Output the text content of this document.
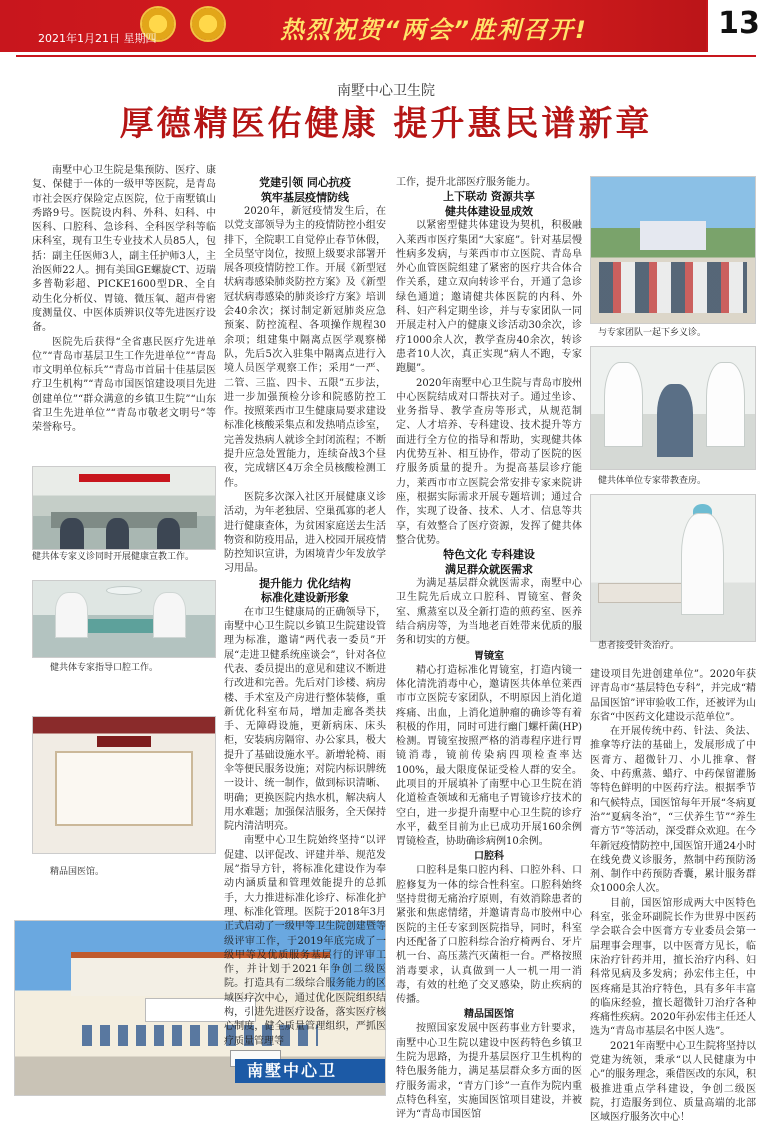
2021年1月21日 星期四	热烈祝贺“两会”胜利召开!	13
南墅中心卫生院
厚德精医佑健康 提升惠民谱新章

南墅中心卫生院是集预防、医疗、康复、保健于一体的一级甲等医院，是青岛市社会医疗保险定点医院，位于南墅镇山秀路9号。医院设内科、外科、妇科、中医科、口腔科、急诊科、全科医学科等临床科室，现有卫生专业技术人员85人，包括：副主任医师3人，副主任护师3人，主治医师22人。拥有美国GE螺旋CT、迈瑞多普勒彩超、PICKE1600型DR、全自动生化分析仪、胃镜、微压氧、超声骨密度测量仪、中医体质辨识仪等先进医疗设备。

医院先后获得“全省惠民医疗先进单位”“青岛市基层卫生工作先进单位”“青岛市文明单位标兵”“青岛市首届十佳基层医疗卫生机构”“青岛市国医馆建设项目先进创建单位”“群众满意的乡镇卫生院”“山东省卫生先进单位”“青岛市敬老文明号”等荣誉称号。

健共体专家义诊同时开展健康宣教工作。
健共体专家指导口腔工作。
精品国医馆。
南墅中心卫
党建引领 同心抗疫
筑牢基层疫情防线

2020年，新冠疫情发生后，在以党支部领导为主的疫情防控小组安排下，全院职工自觉停止春节休假，全员坚守岗位，按照上级要求部署开展各项疫情防控工作。开展《新型冠状病毒感染肺炎防控方案》及《新型冠状病毒感染的肺炎诊疗方案》培训会40余次；探讨制定新冠肺炎应急预案、防控流程、各项操作规程30余项；组建集中隔离点医学观察梯队，先后5次入驻集中隔离点进行入境人员医学观察工作；采用“一严、二管、三监、四卡、五限”五步法，进一步加强预检分诊和院感防控工作。按照莱西市卫生健康局要求建设标准化核酸采集点和发热哨点诊室，完善发热病人就诊全封闭流程；不断提升应急处置能力，连续奋战3个昼夜，完成辖区4万余全员核酸检测工作。

医院多次深入社区开展健康义诊活动，为年老独居、空巢孤寡的老人进行健康查体，为贫困家庭送去生活物资和防疫用品，进入校园开展疫情防控知识宣讲，为困境青少年发放学习用品。

提升能力 优化结构
标准化建设新形象

在市卫生健康局的正确领导下，南墅中心卫生院以乡镇卫生院建设管理为标准，邀请“两代表一委员”开展“走进卫健系统座谈会”，针对各位代表、委员提出的意见和建议不断进行改进和完善。先后对门诊楼、病房楼、手术室及产房进行整体装修，重新优化科室布局，增加走廊各类扶手、无障碍设施，更新病床、床头柜，安装病房隔帘、办公家具，极大提升了基础设施水平。新增轮椅、雨伞等便民服务设施；对院内标识牌统一设计、统一制作，做到标识清晰、明确；更换医院内热水机，解决病人用水难题；加强保洁服务，全天保持院内清洁明亮。

南墅中心卫生院始终坚持“以评促建、以评促改、评建并举、规范发展”指导方针，将标准化建设作为奉动内涵质量和管理效能提升的总抓手，大力推进标准化诊疗、标准化护理、标准化管理。医院于2018年3月正式启动了一级甲等卫生院创建暨等级评审工作，于2019年底完成了一级甲等及优质服务基层行的评审工作，并计划于2021年争创二级医院。打造具有二级综合服务能力的区域医疗次中心，通过优化医院组织结构，引进先进医疗设备，落实医疗核心制度，健全质量管理组织，严抓医疗质量管理等

工作，提升北部医疗服务能力。

上下联动 资源共享
健共体建设显成效

以紧密型健共体建设为契机，积极融入莱西市医疗集团“大家庭”。针对基层慢性病多发病，与莱西市市立医院、青岛阜外心血管医院组建了紧密的医疗共合体合作关系，建立双向转诊平台，开通了急诊绿色通道；邀请健共体医院的内科、外科、妇产科定期坐诊，并与专家团队一同开展走村入户的健康义诊活动30余次，诊疗1000余人次，教学查房40余次，转诊患者10人次，真正实现“病人不跑，专家跑腿”。

2020年南墅中心卫生院与青岛市胶州中心医院结成对口帮扶对子。通过坐诊、业务指导、教学查房等形式，从规范制定、人才培养、专科建设、技术提升等方面进行全方位的指导和帮助，实现健共体内优势互补、相互协作，带动了医院的医疗服务质量的提升。为提高基层诊疗能力，莱西市市立医院会常安排专家来院讲座，根据实际需求开展专题培训；通过合作，实现了设备、技术、人才、信息等共享，有效整合了医疗资源，发挥了健共体整合优势。

特色文化 专科建设
满足群众就医需求

为满足基层群众就医需求，南墅中心卫生院先后成立口腔科、胃镜室、督灸室、熏蒸室以及全新打造的煎药室、医养结合病房等，为当地老百姓带来优质的服务和切实的方便。

胃镜室

精心打造标准化胃镜室，打造内镜一体化清洗消毒中心，邀请医共体单位莱西市市立医院专家团队，不明原因上消化道疼痛、出血，上消化道肿瘤的确诊等有着积极的作用，同时可进行幽门螺杆菌(HP)检测。胃镜室按照严格的消毒程序进行胃镜消毒，镜前传染病四项检查率达100%，最大限度保证受检人群的安全。此项目的开展填补了南墅中心卫生院在消化道检查领域和无痛电子胃镜诊疗技术的空白，进一步提升南墅中心卫生院的诊疗水平，截至目前为止已成功开展160余例胃镜检查，协助确诊病例10余例。

口腔科

口腔科是集口腔内科、口腔外科、口腔修复为一体的综合性科室。口腔科始终坚持贯彻无痛治疗原则，有效消除患者的紧张和焦虑情绪，并邀请青岛市胶州中心医院的主任专家到医院指导，同时，科室内还配备了口腔科综合治疗椅两台、牙片机一台、高压蒸汽灭菌柜一台。严格按照消毒要求，认真做到一人一机一用一消毒，有效的杜绝了交叉感染，防止疾病的传播。

精品国医馆

按照国家发展中医药事业方针要求，南墅中心卫生院以建设中医药特色乡镇卫生院为思路，为提升基层医疗卫生机构的特色服务能力，满足基层群众多方面的医疗服务需求，“青方门诊”一直作为院内重点特色科室，实施国医馆项目建设，并被评为“青岛市国医馆

与专家团队一起下乡义诊。
健共体单位专家带教查房。
患者接受针灸治疗。

建设项目先进创建单位”。2020年获评青岛市“基层特色专科”，并完成“精品国医馆”评审验收工作，还被评为山东省“中医药文化建设示范单位”。

在开展传统中药、针法、灸法、推拿等疗法的基础上，发展形成了中医膏方、超微针刀、小儿推拿、督灸、中药熏蒸、蜡疗、中药保留灌肠等特色鲜明的中医药疗法。根据季节和气候特点，国医馆每年开展“冬病夏治”“夏病冬治”，“三伏养生节”“养生膏方节”等活动，深受群众欢迎。在今年新冠疫情防控中,国医馆开通24小时在线免费义诊服务，熬制中药预防汤剂、制作中药预防香囊，累计服务群众1000余人次。

目前，国医馆形成两大中医特色科室，张金环副院长作为世界中医药学会联合会中医膏方专业委员会第一届理事会理事，以中医膏方见长，临床治疗针药并用，擅长治疗内科、妇科常见病及多发病；孙宏伟主任，中医疼痛是其治疗特色，具有多年丰富的临床经验，擅长超微针刀治疗各种疼痛性疾病。2020年孙宏伟主任还人选为“青岛市基层名中医人选”。

2021年南墅中心卫生院将坚持以党建为统领，秉承“以人民健康为中心”的服务理念，乘借医改的东风，积极推进重点学科建设，争创二级医院，打造服务到位、质量高端的北部区域医疗服务次中心！
